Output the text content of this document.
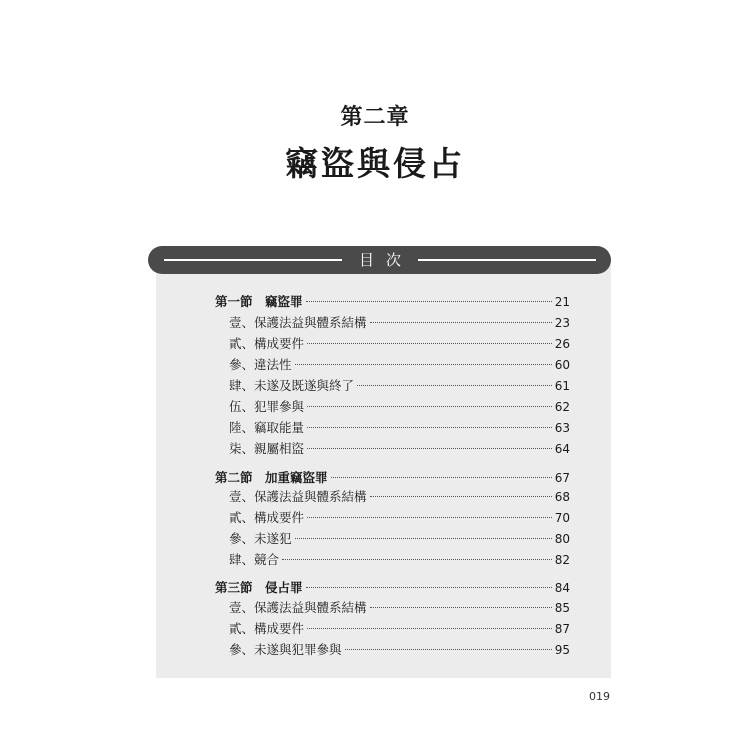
第二章
竊盜與侵占
目次
第一節　竊盜罪	21
壹、保護法益與體系結構	23
貳、構成要件	26
參、違法性	60
肆、未遂及既遂與終了	61
伍、犯罪參與	62
陸、竊取能量	63
柒、親屬相盜	64
第二節　加重竊盜罪	67
壹、保護法益與體系結構	68
貳、構成要件	70
參、未遂犯	80
肆、競合	82
第三節　侵占罪	84
壹、保護法益與體系結構	85
貳、構成要件	87
參、未遂與犯罪參與	95
019
